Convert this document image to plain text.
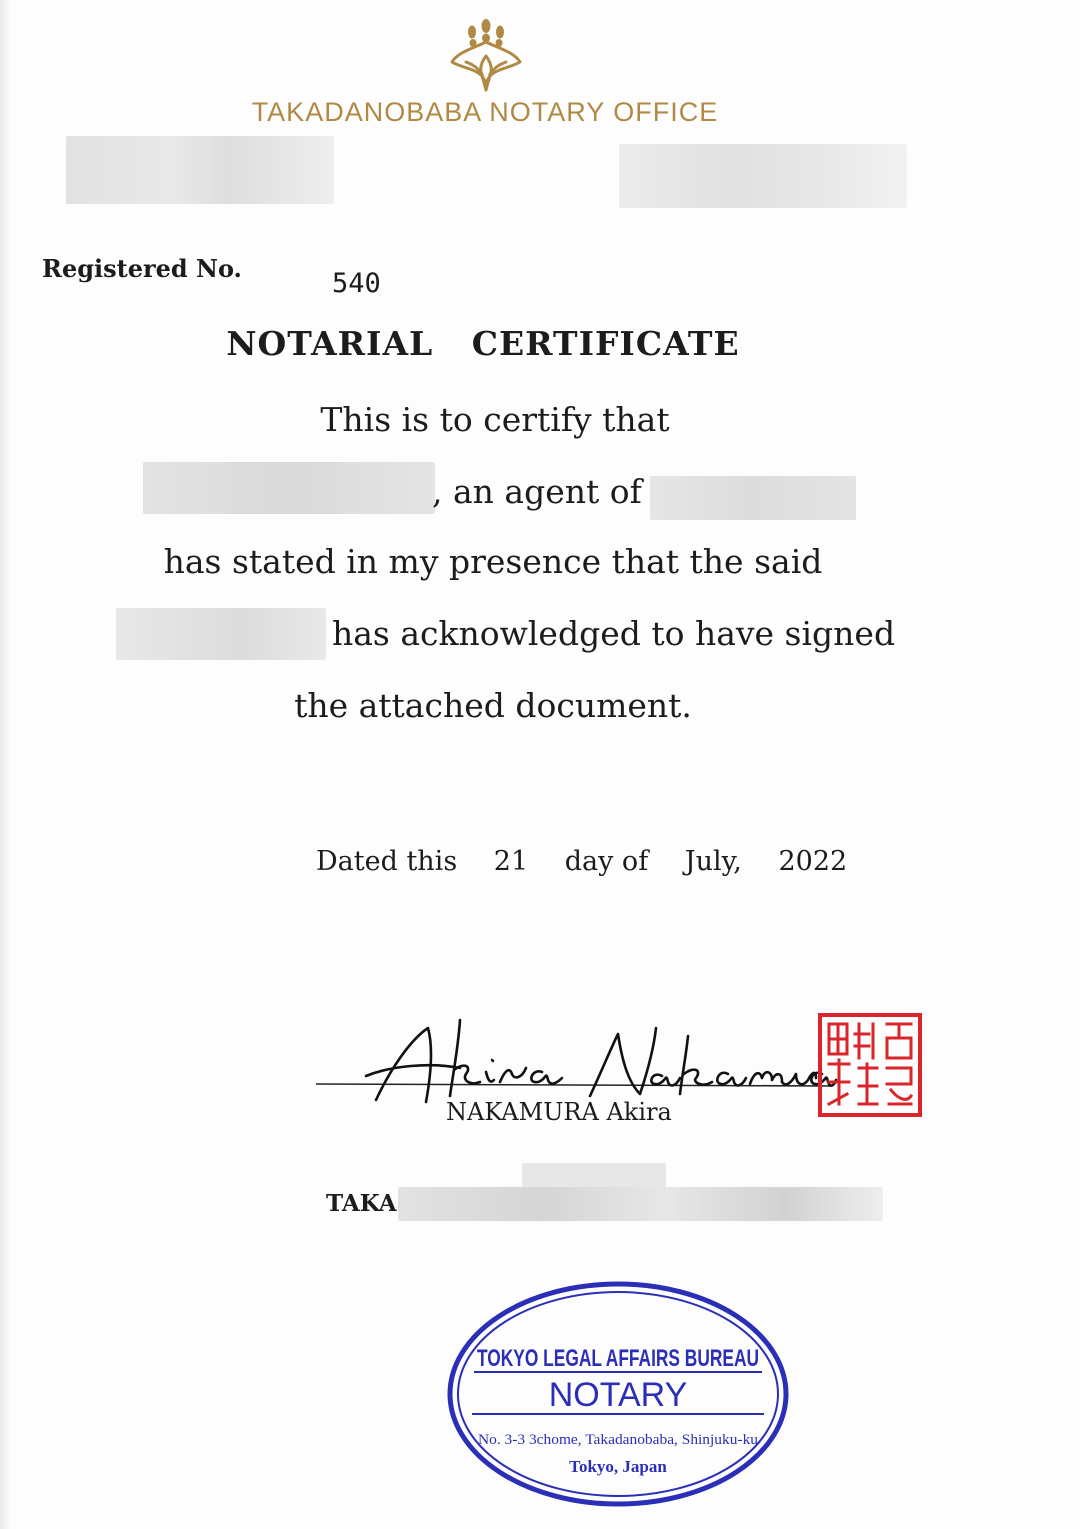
TAKADANOBABA NOTARY OFFICE
Registered No.	540
NOTARIAL CERTIFICATE
This is to certify that
, an agent of
has stated in my presence that the said
has acknowledged to have signed
the attached document.
Dated this 21 day of July, 2022
NAKAMURA Akira
TAKA
TOKYO LEGAL AFFAIRS BUREAU
NOTARY
No. 3-3 3chome, Takadanobaba, Shinjuku-ku
Tokyo, Japan
